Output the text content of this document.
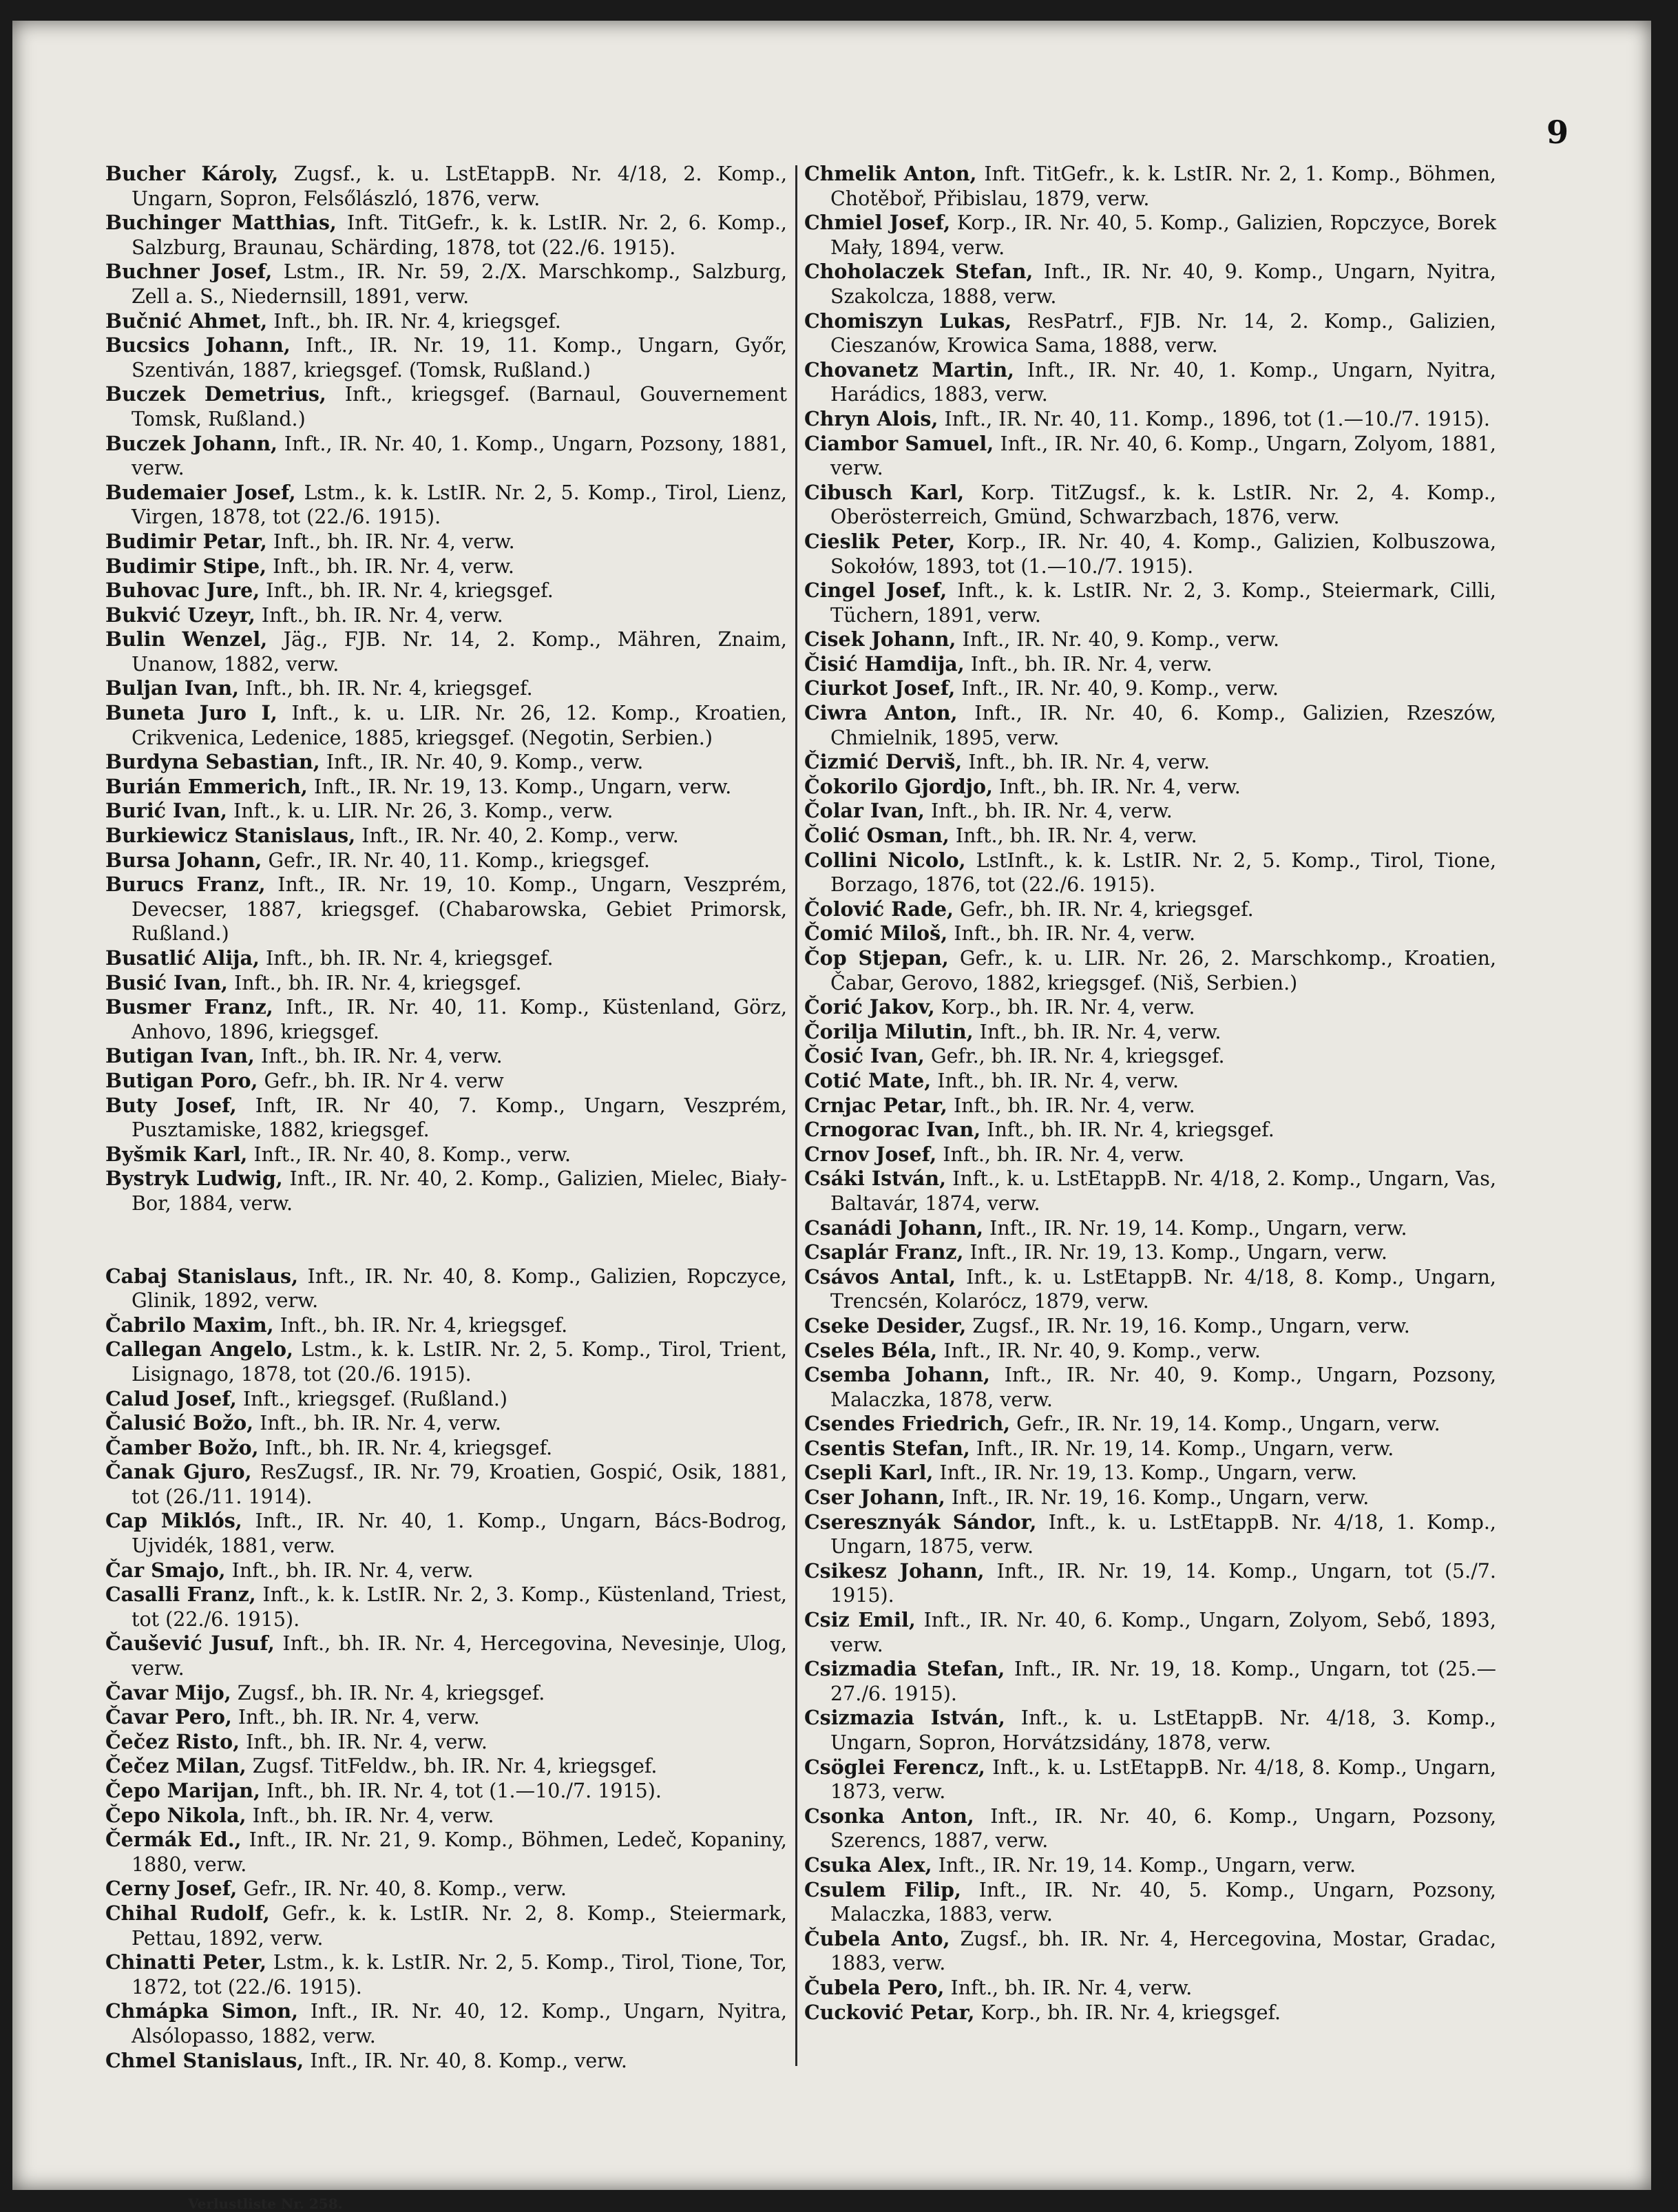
9

Bucher Károly, Zugsf., k. u. LstEtappB. Nr. 4/18, 2. Komp., Ungarn, Sopron, Felsőlászló, 1876, verw.

Buchinger Matthias, Inft. TitGefr., k. k. LstIR. Nr. 2, 6. Komp., Salzburg, Braunau, Schärding, 1878, tot (22./6. 1915).

Buchner Josef, Lstm., IR. Nr. 59, 2./X. Marschkomp., Salzburg, Zell a. S., Niedernsill, 1891, verw.

Bučnić Ahmet, Inft., bh. IR. Nr. 4, kriegsgef.

Bucsics Johann, Inft., IR. Nr. 19, 11. Komp., Ungarn, Győr, Szentiván, 1887, kriegsgef. (Tomsk, Rußland.)

Buczek Demetrius, Inft., kriegsgef. (Barnaul, Gouvernement Tomsk, Rußland.)

Buczek Johann, Inft., IR. Nr. 40, 1. Komp., Ungarn, Pozsony, 1881, verw.

Budemaier Josef, Lstm., k. k. LstIR. Nr. 2, 5. Komp., Tirol, Lienz, Virgen, 1878, tot (22./6. 1915).

Budimir Petar, Inft., bh. IR. Nr. 4, verw.

Budimir Stipe, Inft., bh. IR. Nr. 4, verw.

Buhovac Jure, Inft., bh. IR. Nr. 4, kriegsgef.

Bukvić Uzeyr, Inft., bh. IR. Nr. 4, verw.

Bulin Wenzel, Jäg., FJB. Nr. 14, 2. Komp., Mähren, Znaim, Unanow, 1882, verw.

Buljan Ivan, Inft., bh. IR. Nr. 4, kriegsgef.

Buneta Juro I, Inft., k. u. LIR. Nr. 26, 12. Komp., Kroatien, Crikvenica, Ledenice, 1885, kriegsgef. (Negotin, Serbien.)

Burdyna Sebastian, Inft., IR. Nr. 40, 9. Komp., verw.

Burián Emmerich, Inft., IR. Nr. 19, 13. Komp., Ungarn, verw.

Burić Ivan, Inft., k. u. LIR. Nr. 26, 3. Komp., verw.

Burkiewicz Stanislaus, Inft., IR. Nr. 40, 2. Komp., verw.

Bursa Johann, Gefr., IR. Nr. 40, 11. Komp., kriegsgef.

Burucs Franz, Inft., IR. Nr. 19, 10. Komp., Ungarn, Veszprém, Devecser, 1887, kriegsgef. (Chabarowska, Gebiet Primorsk, Rußland.)

Busatlić Alija, Inft., bh. IR. Nr. 4, kriegsgef.

Busić Ivan, Inft., bh. IR. Nr. 4, kriegsgef.

Busmer Franz, Inft., IR. Nr. 40, 11. Komp., Küstenland, Görz, Anhovo, 1896, kriegsgef.

Butigan Ivan, Inft., bh. IR. Nr. 4, verw.

Butigan Poro, Gefr., bh. IR. Nr 4. verw

Buty Josef, Inft, IR. Nr 40, 7. Komp., Ungarn, Veszprém, Pusztamiske, 1882, kriegsgef.

Byšmik Karl, Inft., IR. Nr. 40, 8. Komp., verw.

Bystryk Ludwig, Inft., IR. Nr. 40, 2. Komp., Galizien, Mielec, Biały-Bor, 1884, verw.

Cabaj Stanislaus, Inft., IR. Nr. 40, 8. Komp., Galizien, Ropczyce, Glinik, 1892, verw.

Čabrilo Maxim, Inft., bh. IR. Nr. 4, kriegsgef.

Callegan Angelo, Lstm., k. k. LstIR. Nr. 2, 5. Komp., Tirol, Trient, Lisignago, 1878, tot (20./6. 1915).

Calud Josef, Inft., kriegsgef. (Rußland.)

Čalusić Božo, Inft., bh. IR. Nr. 4, verw.

Čamber Božo, Inft., bh. IR. Nr. 4, kriegsgef.

Čanak Gjuro, ResZugsf., IR. Nr. 79, Kroatien, Gospić, Osik, 1881, tot (26./11. 1914).

Cap Miklós, Inft., IR. Nr. 40, 1. Komp., Ungarn, Bács-Bodrog, Ujvidék, 1881, verw.

Čar Smajo, Inft., bh. IR. Nr. 4, verw.

Casalli Franz, Inft., k. k. LstIR. Nr. 2, 3. Komp., Küstenland, Triest, tot (22./6. 1915).

Čaušević Jusuf, Inft., bh. IR. Nr. 4, Hercegovina, Nevesinje, Ulog, verw.

Čavar Mijo, Zugsf., bh. IR. Nr. 4, kriegsgef.

Čavar Pero, Inft., bh. IR. Nr. 4, verw.

Čečez Risto, Inft., bh. IR. Nr. 4, verw.

Čečez Milan, Zugsf. TitFeldw., bh. IR. Nr. 4, kriegsgef.

Čepo Marijan, Inft., bh. IR. Nr. 4, tot (1.—10./7. 1915).

Čepo Nikola, Inft., bh. IR. Nr. 4, verw.

Čermák Ed., Inft., IR. Nr. 21, 9. Komp., Böhmen, Ledeč, Kopaniny, 1880, verw.

Cerny Josef, Gefr., IR. Nr. 40, 8. Komp., verw.

Chihal Rudolf, Gefr., k. k. LstIR. Nr. 2, 8. Komp., Steiermark, Pettau, 1892, verw.

Chinatti Peter, Lstm., k. k. LstIR. Nr. 2, 5. Komp., Tirol, Tione, Tor, 1872, tot (22./6. 1915).

Chmápka Simon, Inft., IR. Nr. 40, 12. Komp., Ungarn, Nyitra, Alsólopasso, 1882, verw.

Chmel Stanislaus, Inft., IR. Nr. 40, 8. Komp., verw.

Chmelik Anton, Inft. TitGefr., k. k. LstIR. Nr. 2, 1. Komp., Böhmen, Chotěboř, Přibislau, 1879, verw.

Chmiel Josef, Korp., IR. Nr. 40, 5. Komp., Galizien, Ropczyce, Borek Mały, 1894, verw.

Choholaczek Stefan, Inft., IR. Nr. 40, 9. Komp., Ungarn, Nyitra, Szakolcza, 1888, verw.

Chomiszyn Lukas, ResPatrf., FJB. Nr. 14, 2. Komp., Galizien, Cieszanów, Krowica Sama, 1888, verw.

Chovanetz Martin, Inft., IR. Nr. 40, 1. Komp., Ungarn, Nyitra, Harádics, 1883, verw.

Chryn Alois, Inft., IR. Nr. 40, 11. Komp., 1896, tot (1.—10./7. 1915).

Ciambor Samuel, Inft., IR. Nr. 40, 6. Komp., Ungarn, Zolyom, 1881, verw.

Cibusch Karl, Korp. TitZugsf., k. k. LstIR. Nr. 2, 4. Komp., Oberösterreich, Gmünd, Schwarzbach, 1876, verw.

Cieslik Peter, Korp., IR. Nr. 40, 4. Komp., Galizien, Kolbuszowa, Sokołów, 1893, tot (1.—10./7. 1915).

Cingel Josef, Inft., k. k. LstIR. Nr. 2, 3. Komp., Steiermark, Cilli, Tüchern, 1891, verw.

Cisek Johann, Inft., IR. Nr. 40, 9. Komp., verw.

Čisić Hamdija, Inft., bh. IR. Nr. 4, verw.

Ciurkot Josef, Inft., IR. Nr. 40, 9. Komp., verw.

Ciwra Anton, Inft., IR. Nr. 40, 6. Komp., Galizien, Rzeszów, Chmielnik, 1895, verw.

Čizmić Derviš, Inft., bh. IR. Nr. 4, verw.

Čokorilo Gjordjo, Inft., bh. IR. Nr. 4, verw.

Čolar Ivan, Inft., bh. IR. Nr. 4, verw.

Čolić Osman, Inft., bh. IR. Nr. 4, verw.

Collini Nicolo, LstInft., k. k. LstIR. Nr. 2, 5. Komp., Tirol, Tione, Borzago, 1876, tot (22./6. 1915).

Čolović Rade, Gefr., bh. IR. Nr. 4, kriegsgef.

Čomić Miloš, Inft., bh. IR. Nr. 4, verw.

Čop Stjepan, Gefr., k. u. LIR. Nr. 26, 2. Marschkomp., Kroatien, Čabar, Gerovo, 1882, kriegsgef. (Niš, Serbien.)

Čorić Jakov, Korp., bh. IR. Nr. 4, verw.

Čorilja Milutin, Inft., bh. IR. Nr. 4, verw.

Čosić Ivan, Gefr., bh. IR. Nr. 4, kriegsgef.

Cotić Mate, Inft., bh. IR. Nr. 4, verw.

Crnjac Petar, Inft., bh. IR. Nr. 4, verw.

Crnogorac Ivan, Inft., bh. IR. Nr. 4, kriegsgef.

Crnov Josef, Inft., bh. IR. Nr. 4, verw.

Csáki István, Inft., k. u. LstEtappB. Nr. 4/18, 2. Komp., Ungarn, Vas, Baltavár, 1874, verw.

Csanádi Johann, Inft., IR. Nr. 19, 14. Komp., Ungarn, verw.

Csaplár Franz, Inft., IR. Nr. 19, 13. Komp., Ungarn, verw.

Csávos Antal, Inft., k. u. LstEtappB. Nr. 4/18, 8. Komp., Ungarn, Trencsén, Kolarócz, 1879, verw.

Cseke Desider, Zugsf., IR. Nr. 19, 16. Komp., Ungarn, verw.

Cseles Béla, Inft., IR. Nr. 40, 9. Komp., verw.

Csemba Johann, Inft., IR. Nr. 40, 9. Komp., Ungarn, Pozsony, Malaczka, 1878, verw.

Csendes Friedrich, Gefr., IR. Nr. 19, 14. Komp., Ungarn, verw.

Csentis Stefan, Inft., IR. Nr. 19, 14. Komp., Ungarn, verw.

Csepli Karl, Inft., IR. Nr. 19, 13. Komp., Ungarn, verw.

Cser Johann, Inft., IR. Nr. 19, 16. Komp., Ungarn, verw.

Cseresznyák Sándor, Inft., k. u. LstEtappB. Nr. 4/18, 1. Komp., Ungarn, 1875, verw.

Csikesz Johann, Inft., IR. Nr. 19, 14. Komp., Ungarn, tot (5./7. 1915).

Csiz Emil, Inft., IR. Nr. 40, 6. Komp., Ungarn, Zolyom, Sebő, 1893, verw.

Csizmadia Stefan, Inft., IR. Nr. 19, 18. Komp., Ungarn, tot (25.—27./6. 1915).

Csizmazia István, Inft., k. u. LstEtappB. Nr. 4/18, 3. Komp., Ungarn, Sopron, Horvátzsidány, 1878, verw.

Csöglei Ferencz, Inft., k. u. LstEtappB. Nr. 4/18, 8. Komp., Ungarn, 1873, verw.

Csonka Anton, Inft., IR. Nr. 40, 6. Komp., Ungarn, Pozsony, Szerencs, 1887, verw.

Csuka Alex, Inft., IR. Nr. 19, 14. Komp., Ungarn, verw.

Csulem Filip, Inft., IR. Nr. 40, 5. Komp., Ungarn, Pozsony, Malaczka, 1883, verw.

Čubela Anto, Zugsf., bh. IR. Nr. 4, Hercegovina, Mostar, Gradac, 1883, verw.

Čubela Pero, Inft., bh. IR. Nr. 4, verw.

Cucković Petar, Korp., bh. IR. Nr. 4, kriegsgef.

Verlustliste Nr. 258.
